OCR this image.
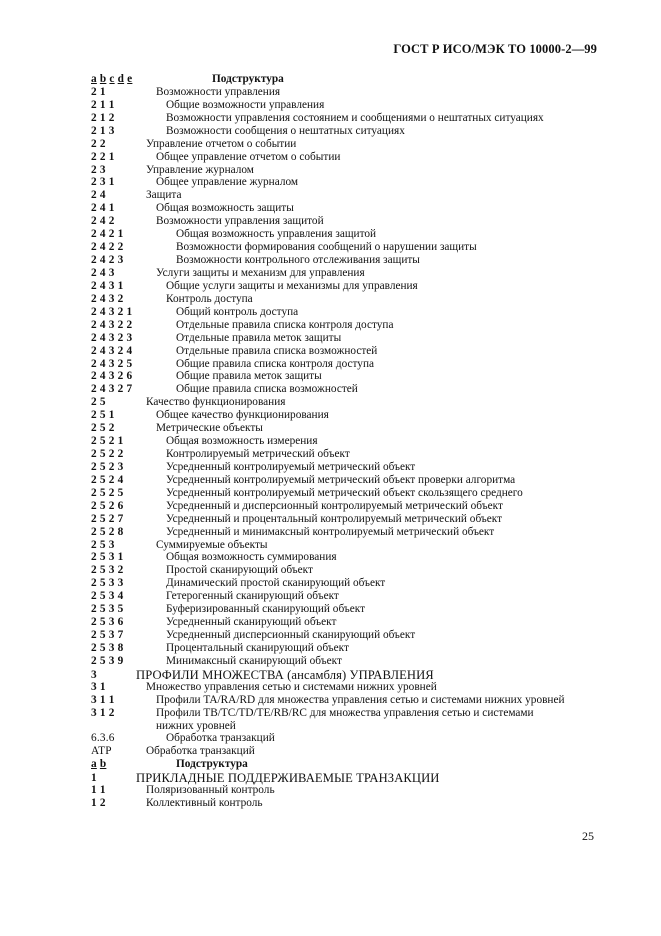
ГОСТ Р ИСО/МЭК ТО 10000-2—99
a b c d e	Подструктура
2 1	Возможности управления
2 1 1	Общие возможности управления
2 1 2	Возможности управления состоянием и сообщениями о нештатных ситуациях
2 1 3	Возможности сообщения о нештатных ситуациях
2 2	Управление отчетом о событии
2 2 1	Общее управление отчетом о событии
2 3	Управление журналом
2 3 1	Общее управление журналом
2 4	Защита
2 4 1	Общая возможность защиты
2 4 2	Возможности управления защитой
2 4 2 1	Общая возможность управления защитой
2 4 2 2	Возможности формирования сообщений о нарушении защиты
2 4 2 3	Возможности контрольного отслеживания защиты
2 4 3	Услуги защиты и механизм для управления
2 4 3 1	Общие услуги защиты и механизмы для управления
2 4 3 2	Контроль доступа
2 4 3 2 1	Общий контроль доступа
2 4 3 2 2	Отдельные правила списка контроля доступа
2 4 3 2 3	Отдельные правила меток защиты
2 4 3 2 4	Отдельные правила списка возможностей
2 4 3 2 5	Общие правила списка контроля доступа
2 4 3 2 6	Общие правила меток защиты
2 4 3 2 7	Общие правила списка возможностей
2 5	Качество функционирования
2 5 1	Общее качество функционирования
2 5 2	Метрические объекты
2 5 2 1	Общая возможность измерения
2 5 2 2	Контролируемый метрический объект
2 5 2 3	Усредненный контролируемый метрический объект
2 5 2 4	Усредненный контролируемый метрический объект проверки алгоритма
2 5 2 5	Усредненный контролируемый метрический объект скользящего среднего
2 5 2 6	Усредненный и дисперсионный контролируемый метрический объект
2 5 2 7	Усредненный и процентальный контролируемый метрический объект
2 5 2 8	Усредненный и минимаксный контролируемый метрический объект
2 5 3	Суммируемые объекты
2 5 3 1	Общая возможность суммирования
2 5 3 2	Простой сканирующий объект
2 5 3 3	Динамический простой сканирующий объект
2 5 3 4	Гетерогенный сканирующий объект
2 5 3 5	Буферизированный сканирующий объект
2 5 3 6	Усредненный сканирующий объект
2 5 3 7	Усредненный дисперсионный сканирующий объект
2 5 3 8	Процентальный сканирующий объект
2 5 3 9	Минимаксный сканирующий объект
3	ПРОФИЛИ МНОЖЕСТВА (ансамбля) УПРАВЛЕНИЯ
3 1	Множество управления сетью и системами нижних уровней
3 1 1	Профили TA/RA/RD для множества управления сетью и системами нижних уровней
3 1 2	Профили TB/TC/TD/TE/RB/RC для множества управления сетью и системами
нижних уровней
6.3.6	Обработка транзакций
ATP	Обработка транзакций
a b	Подструктура
1	ПРИКЛАДНЫЕ ПОДДЕРЖИВАЕМЫЕ ТРАНЗАКЦИИ
1 1	Поляризованный контроль
1 2	Коллективный контроль
25
